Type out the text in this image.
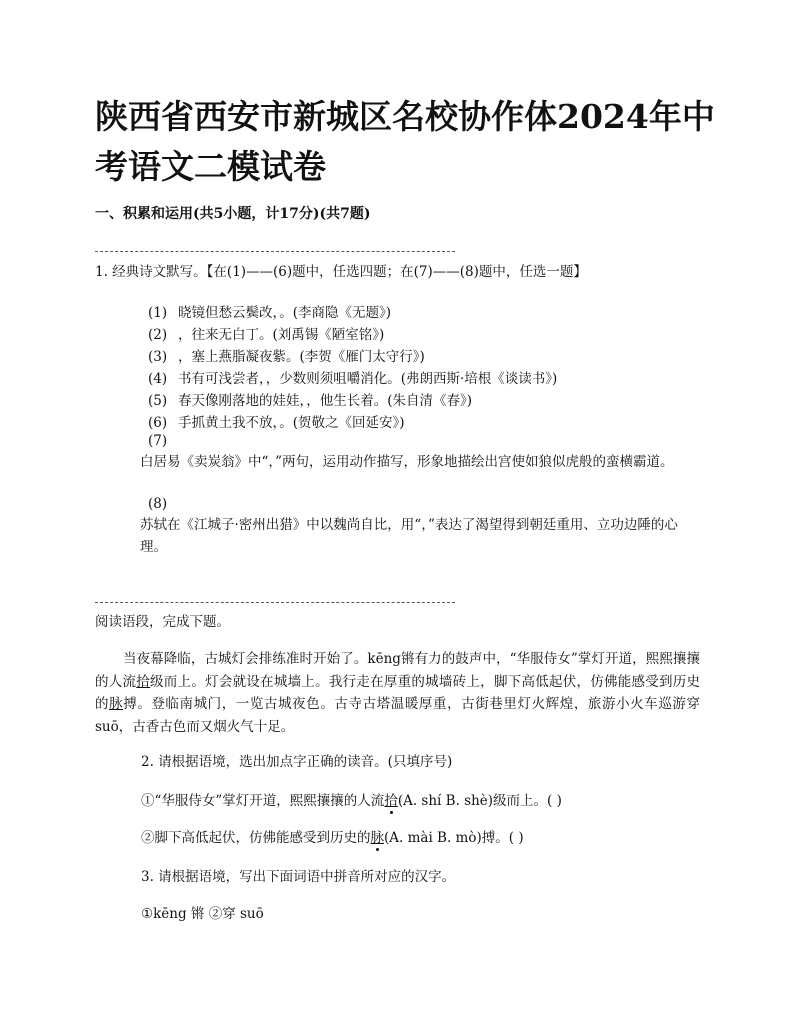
陕西省西安市新城区名校协作体2024年中考语文二模试卷
一、积累和运用(共5小题，计17分)(共7题)
1. 经典诗文默写。【在(1)——(6)题中，任选四题；在(7)——(8)题中，任选一题】
(1) 晓镜但愁云鬓改，。(李商隐《无题》)
(2) ，往来无白丁。(刘禹锡《陋室铭》)
(3) ，塞上燕脂凝夜紫。(李贺《雁门太守行》)
(4) 书有可浅尝者，，少数则须咀嚼消化。(弗朗西斯·培根《谈读书》)
(5) 春天像刚落地的娃娃，，他生长着。(朱自清《春》)
(6) 手抓黄土我不放，。(贺敬之《回延安》)
(7)
白居易《卖炭翁》中“，”两句，运用动作描写，形象地描绘出宫使如狼似虎般的蛮横霸道。
(8)
苏轼在《江城子·密州出猎》中以魏尚自比，用“，”表达了渴望得到朝廷重用、立功边陲的心理。
阅读语段，完成下题。
当夜幕降临，古城灯会排练准时开始了。kēng锵有力的鼓声中，“华服侍女”掌灯开道，熙熙攘攘的人流拾级而上。灯会就设在城墙上。我行走在厚重的城墙砖上，脚下高低起伏，仿佛能感受到历史的脉搏。登临南城门，一览古城夜色。古寺古塔温暖厚重，古街巷里灯火辉煌，旅游小火车巡游穿suō，古香古色而又烟火气十足。
2. 请根据语境，选出加点字正确的读音。(只填序号)
①“华服侍女”掌灯开道，熙熙攘攘的人流拾(A. shí B. shè)级而上。( )
②脚下高低起伏，仿佛能感受到历史的脉(A. mài B. mò)搏。( )
3. 请根据语境，写出下面词语中拼音所对应的汉字。
①kēng 锵 ②穿 suō
